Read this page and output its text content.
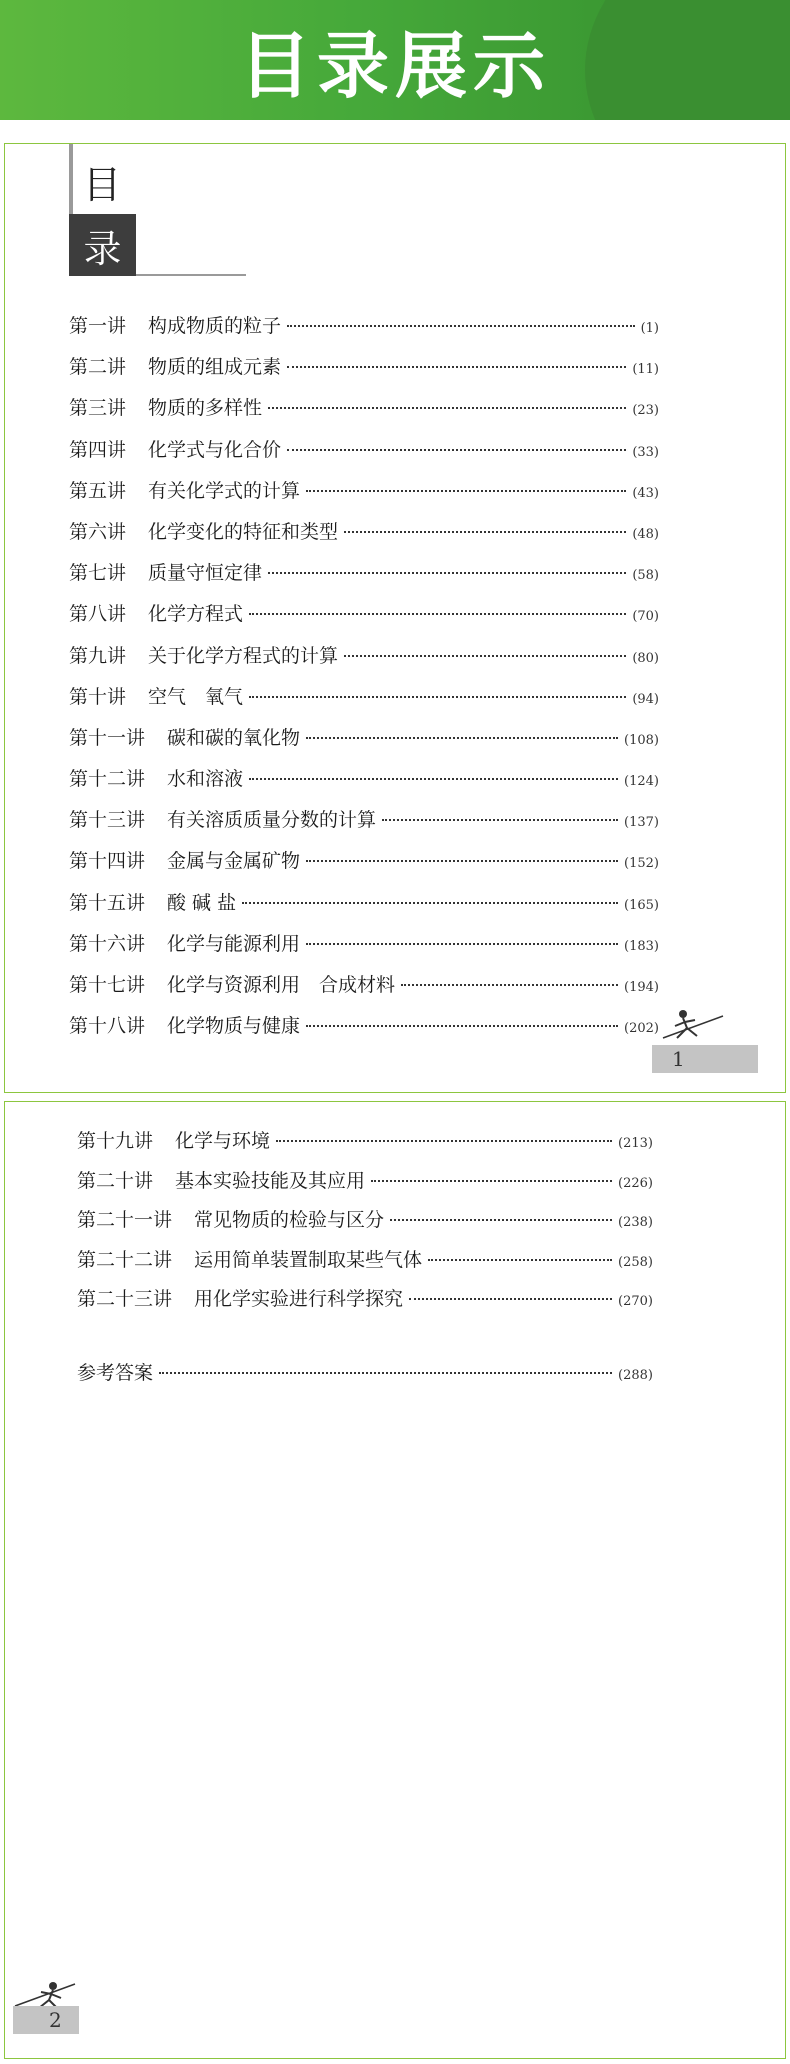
目录展示
目
录
第一讲 构成物质的粒子	(1)
第二讲 物质的组成元素	(11)
第三讲 物质的多样性	(23)
第四讲 化学式与化合价	(33)
第五讲 有关化学式的计算	(43)
第六讲 化学变化的特征和类型	(48)
第七讲 质量守恒定律	(58)
第八讲 化学方程式	(70)
第九讲 关于化学方程式的计算	(80)
第十讲 空气　氧气	(94)
第十一讲 碳和碳的氧化物	(108)
第十二讲 水和溶液	(124)
第十三讲 有关溶质质量分数的计算	(137)
第十四讲 金属与金属矿物	(152)
第十五讲 酸 碱 盐	(165)
第十六讲 化学与能源利用	(183)
第十七讲 化学与资源利用　合成材料	(194)
第十八讲 化学物质与健康	(202)
1
第十九讲 化学与环境	(213)
第二十讲 基本实验技能及其应用	(226)
第二十一讲 常见物质的检验与区分	(238)
第二十二讲 运用简单装置制取某些气体	(258)
第二十三讲 用化学实验进行科学探究	(270)
参考答案	(288)
2
